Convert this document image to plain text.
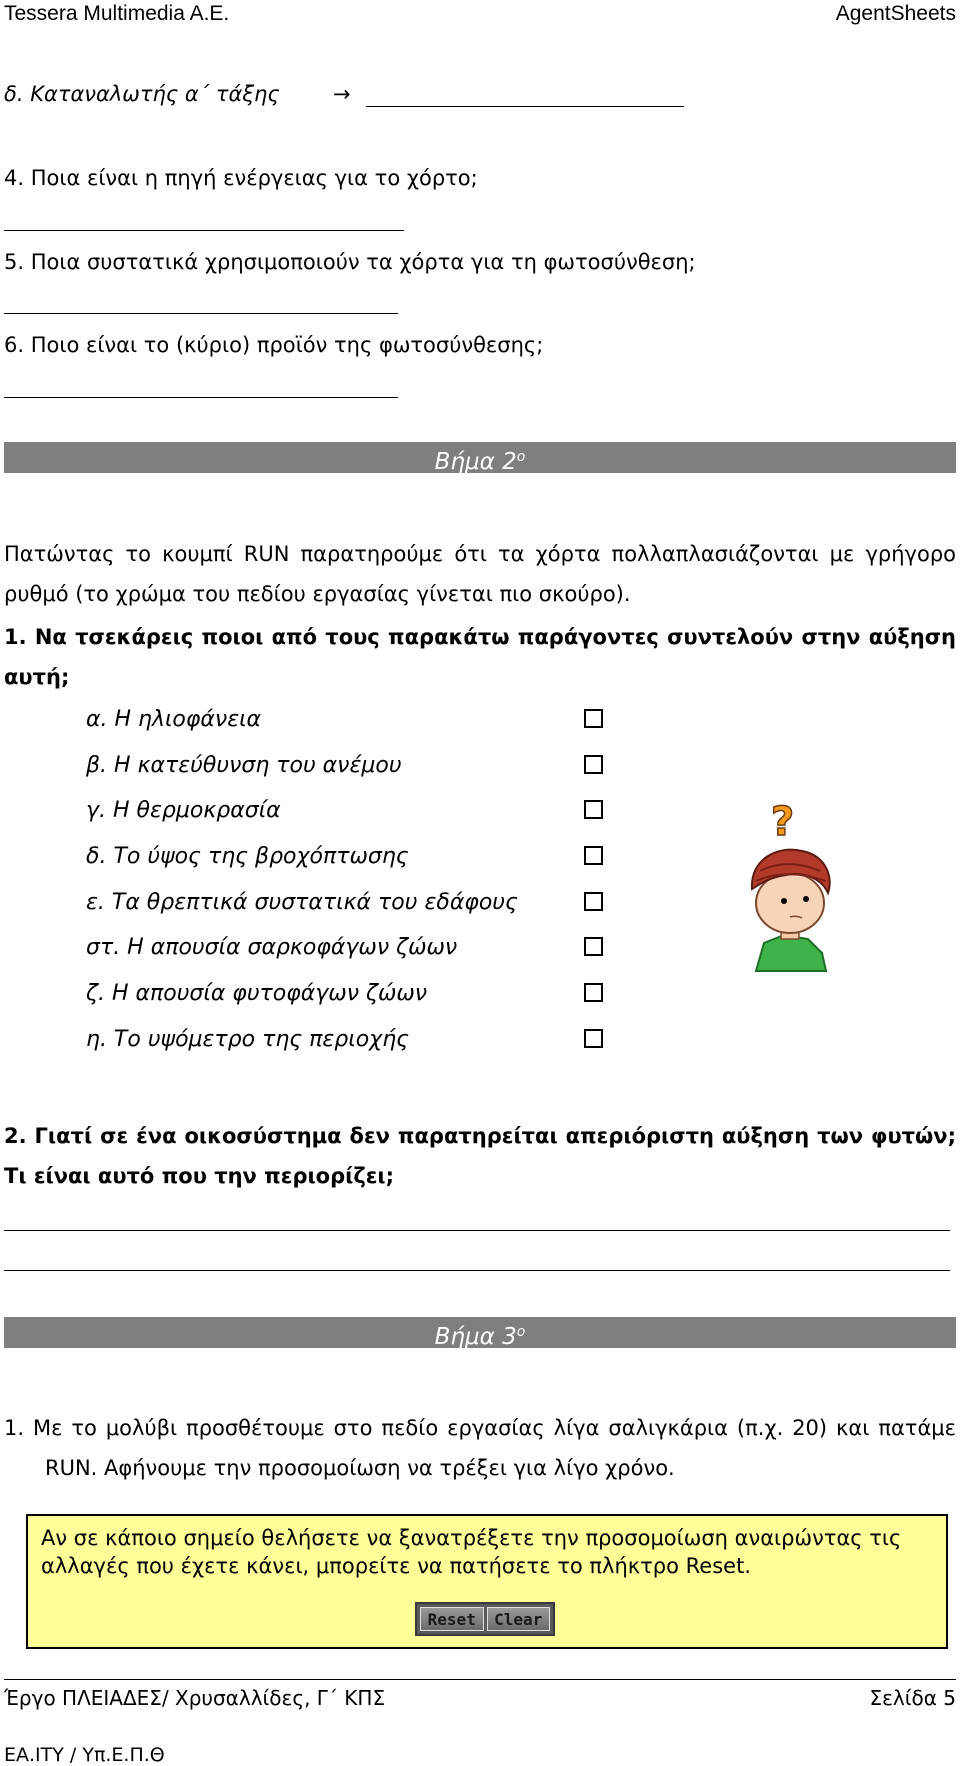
Tessera Multimedia A.E.	AgentSheets
δ. Καταναλωτής α΄ τάξης	→
4. Ποια είναι η πηγή ενέργειας για το χόρτο;
5. Ποια συστατικά χρησιμοποιούν τα χόρτα για τη φωτοσύνθεση;
6. Ποιο είναι το (κύριο) προϊόν της φωτοσύνθεσης;
Βήμα $2^o$
Πατώντας το κουμπί RUN παρατηρούμε ότι τα χόρτα πολλαπλασιάζονται με γρήγορο ρυθμό (το χρώμα του πεδίου εργασίας γίνεται πιο σκούρο).
1. Να τσεκάρεις ποιοι από τους παρακάτω παράγοντες συντελούν στην αύξηση αυτή;
α. Η ηλιοφάνεια
β. Η κατεύθυνση του ανέμου
γ. Η θερμοκρασία
δ. Το ύψος της βροχόπτωσης
ε. Τα θρεπτικά συστατικά του εδάφους
στ. Η απουσία σαρκοφάγων ζώων
ζ. Η απουσία φυτοφάγων ζώων
η. Το υψόμετρο της περιοχής
?
2. Γιατί σε ένα οικοσύστημα δεν παρατηρείται απεριόριστη αύξηση των φυτών; Τι είναι αυτό που την περιορίζει;
Βήμα $3^o$
1. Με το μολύβι προσθέτουμε στο πεδίο εργασίας λίγα σαλιγκάρια (π.χ. 20) και πατάμε RUN. Αφήνουμε την προσομοίωση να τρέξει για λίγο χρόνο.

Αν σε κάποιο σημείο θελήσετε να ξανατρέξετε την προσομοίωση αναιρώντας τις αλλαγές που έχετε κάνει, μπορείτε να πατήσετε το πλήκτρο Reset.

Reset	Clear
Έργο ΠΛΕΙΑΔΕΣ/ Χρυσαλλίδες, Γ΄ ΚΠΣ	Σελίδα 5
ΕΑ.ΙΤΥ / Υπ.Ε.Π.Θ
